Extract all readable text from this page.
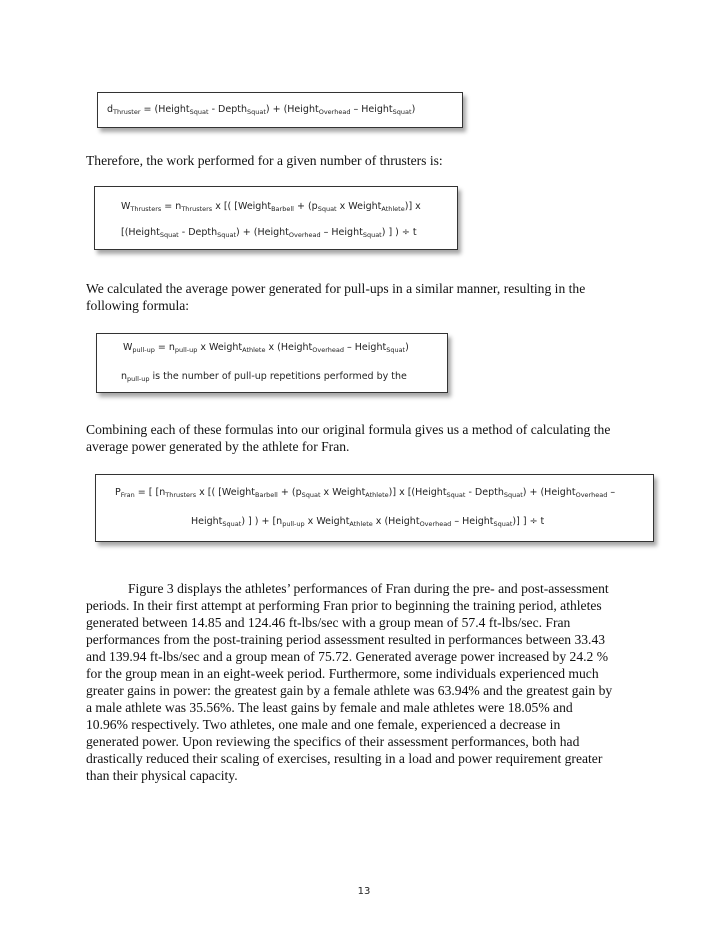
$d_{Thruster}$ = (Height$_{Squat}$ - Depth$_{Squat}$) + (Height$_{Overhead}$ – Height$_{Squat}$)

Therefore, the work performed for a given number of thrusters is:

$W_{Thrusters} = n_{Thrusters}$ x [( [Weight$_{Barbell}$ + ($p_{Squat}$ x Weight$_{Athlete}$)] x
[(Height$_{Squat}$ - Depth$_{Squat}$) + (Height$_{Overhead}$ – Height$_{Squat}$) ] ) ÷ t

We calculated the average power generated for pull-ups in a similar manner, resulting in the
following formula:

$W_{pull-up} = n_{pull-up}$ x Weight$_{Athlete}$ x (Height$_{Overhead}$ – Height$_{Squat}$)
$n_{pull-up}$ is the number of pull-up repetitions performed by the

Combining each of these formulas into our original formula gives us a method of calculating the
average power generated by the athlete for Fran.

$P_{Fran}$ = [ [$n_{Thrusters}$ x [( [Weight$_{Barbell}$ + ($p_{Squat}$ x Weight$_{Athlete}$)] x [(Height$_{Squat}$ - Depth$_{Squat}$) + (Height$_{Overhead}$ –
Height$_{Squat}$) ] ) + [$n_{pull-up}$ x Weight$_{Athlete}$ x (Height$_{Overhead}$ – Height$_{Squat}$)] ] ÷ t

Figure 3 displays the athletes’ performances of Fran during the pre- and post-assessment
periods. In their first attempt at performing Fran prior to beginning the training period, athletes
generated between 14.85 and 124.46 ft-lbs/sec with a group mean of 57.4 ft-lbs/sec. Fran
performances from the post-training period assessment resulted in performances between 33.43
and 139.94 ft-lbs/sec and a group mean of 75.72. Generated average power increased by 24.2 %
for the group mean in an eight-week period. Furthermore, some individuals experienced much
greater gains in power: the greatest gain by a female athlete was 63.94% and the greatest gain by
a male athlete was 35.56%. The least gains by female and male athletes were 18.05% and
10.96% respectively. Two athletes, one male and one female, experienced a decrease in
generated power. Upon reviewing the specifics of their assessment performances, both had
drastically reduced their scaling of exercises, resulting in a load and power requirement greater
than their physical capacity.

13
